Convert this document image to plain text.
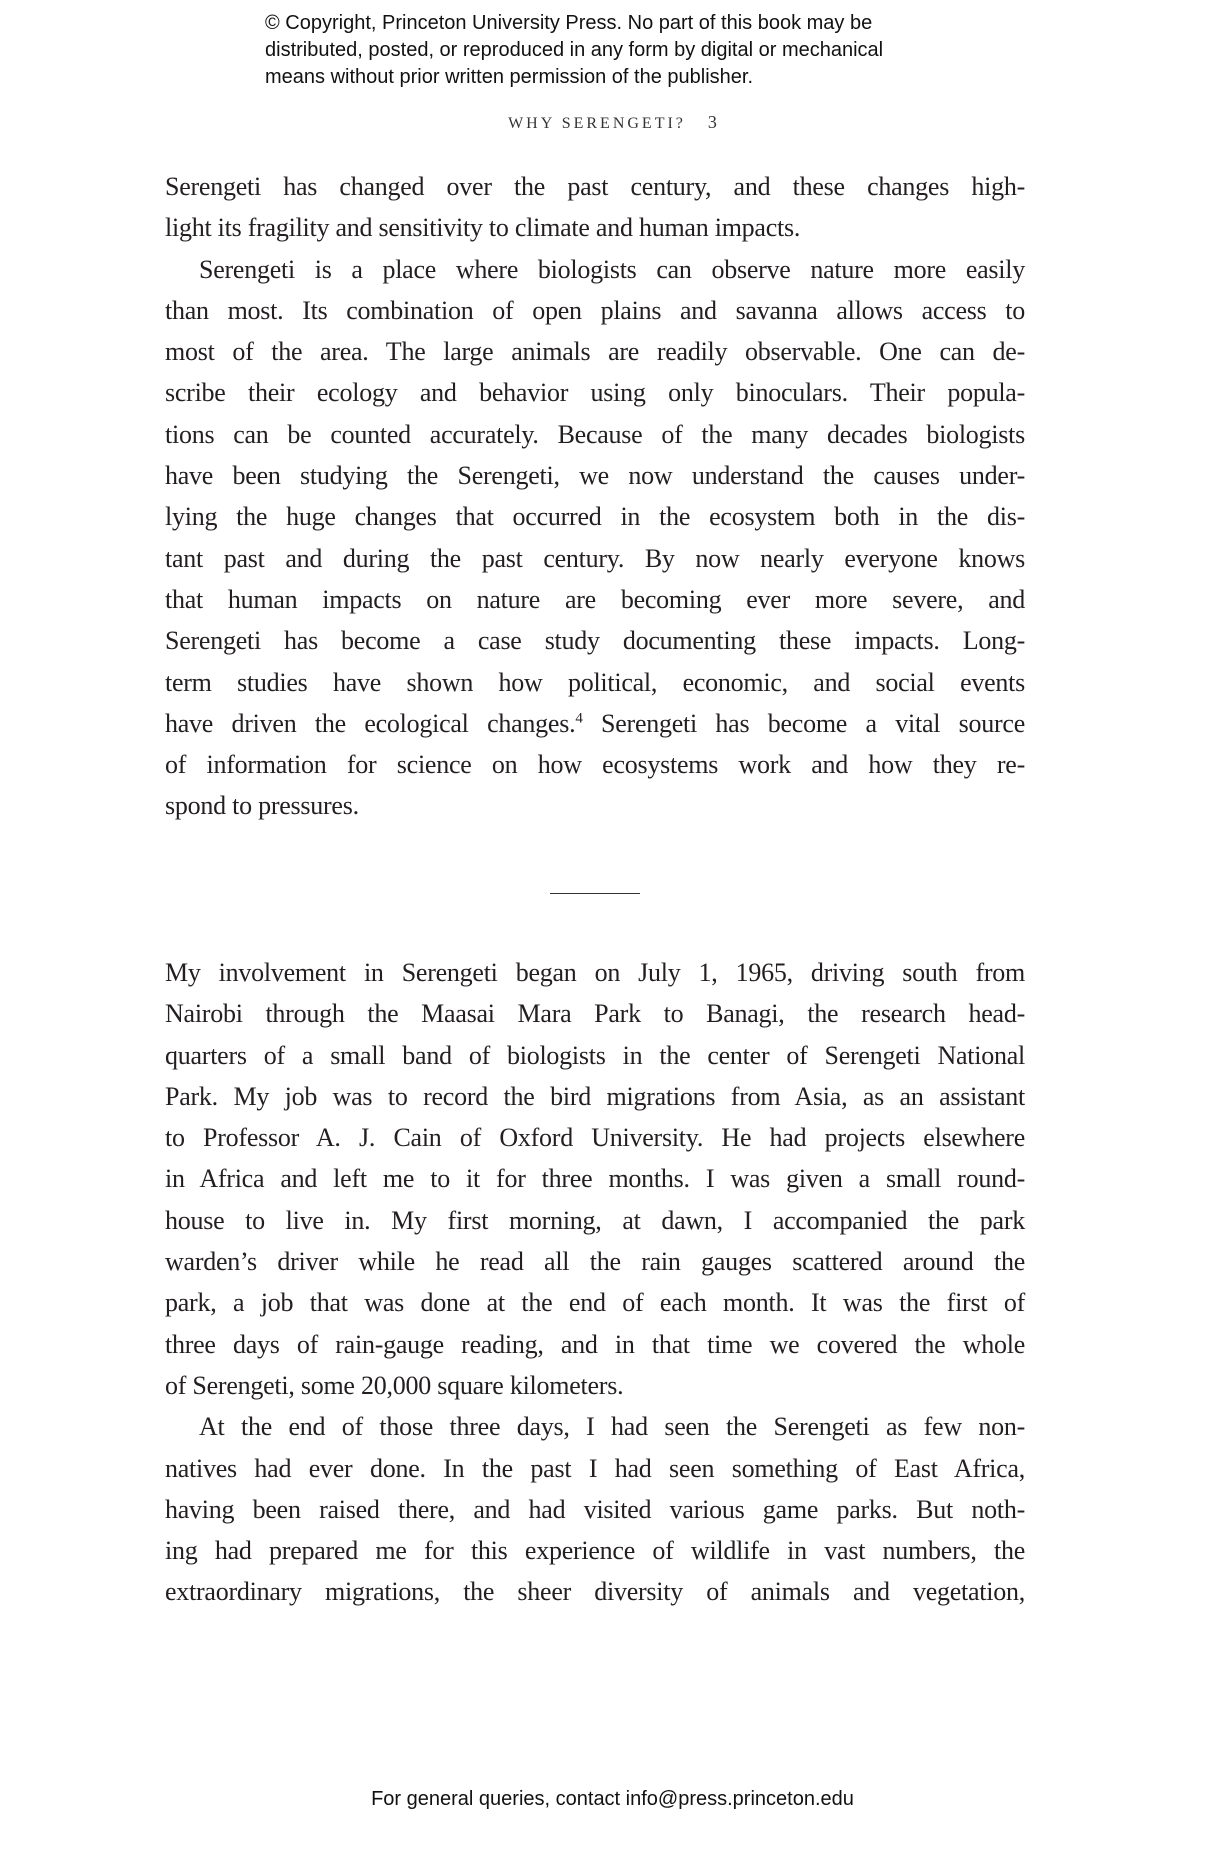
© Copyright, Princeton University Press. No part of this book may be
distributed, posted, or reproduced in any form by digital or mechanical
means without prior written permission of the publisher.
WHY SERENGETI? 3
Serengeti has changed over the past century, and these changes high-
light its fragility and sensitivity to climate and human impacts.
Serengeti is a place where biologists can observe nature more easily
than most. Its combination of open plains and savanna allows access to
most of the area. The large animals are readily observable. One can de-
scribe their ecology and behavior using only binoculars. Their popula-
tions can be counted accurately. Because of the many decades biologists
have been studying the Serengeti, we now understand the causes under-
lying the huge changes that occurred in the ecosystem both in the dis-
tant past and during the past century. By now nearly everyone knows
that human impacts on nature are becoming ever more severe, and
Serengeti has become a case study documenting these impacts. Long-
term studies have shown how political, economic, and social events
have driven the ecological changes.$^4$ Serengeti has become a vital source
of information for science on how ecosystems work and how they re-
spond to pressures.
My involvement in Serengeti began on July 1, 1965, driving south from
Nairobi through the Maasai Mara Park to Banagi, the research head-
quarters of a small band of biologists in the center of Serengeti National
Park. My job was to record the bird migrations from Asia, as an assistant
to Professor A. J. Cain of Oxford University. He had projects elsewhere
in Africa and left me to it for three months. I was given a small round-
house to live in. My first morning, at dawn, I accompanied the park
warden’s driver while he read all the rain gauges scattered around the
park, a job that was done at the end of each month. It was the first of
three days of rain-gauge reading, and in that time we covered the whole
of Serengeti, some 20,000 square kilometers.
At the end of those three days, I had seen the Serengeti as few non-
natives had ever done. In the past I had seen something of East Africa,
having been raised there, and had visited various game parks. But noth-
ing had prepared me for this experience of wildlife in vast numbers, the
extraordinary migrations, the sheer diversity of animals and vegetation,
For general queries, contact info@press.princeton.edu
